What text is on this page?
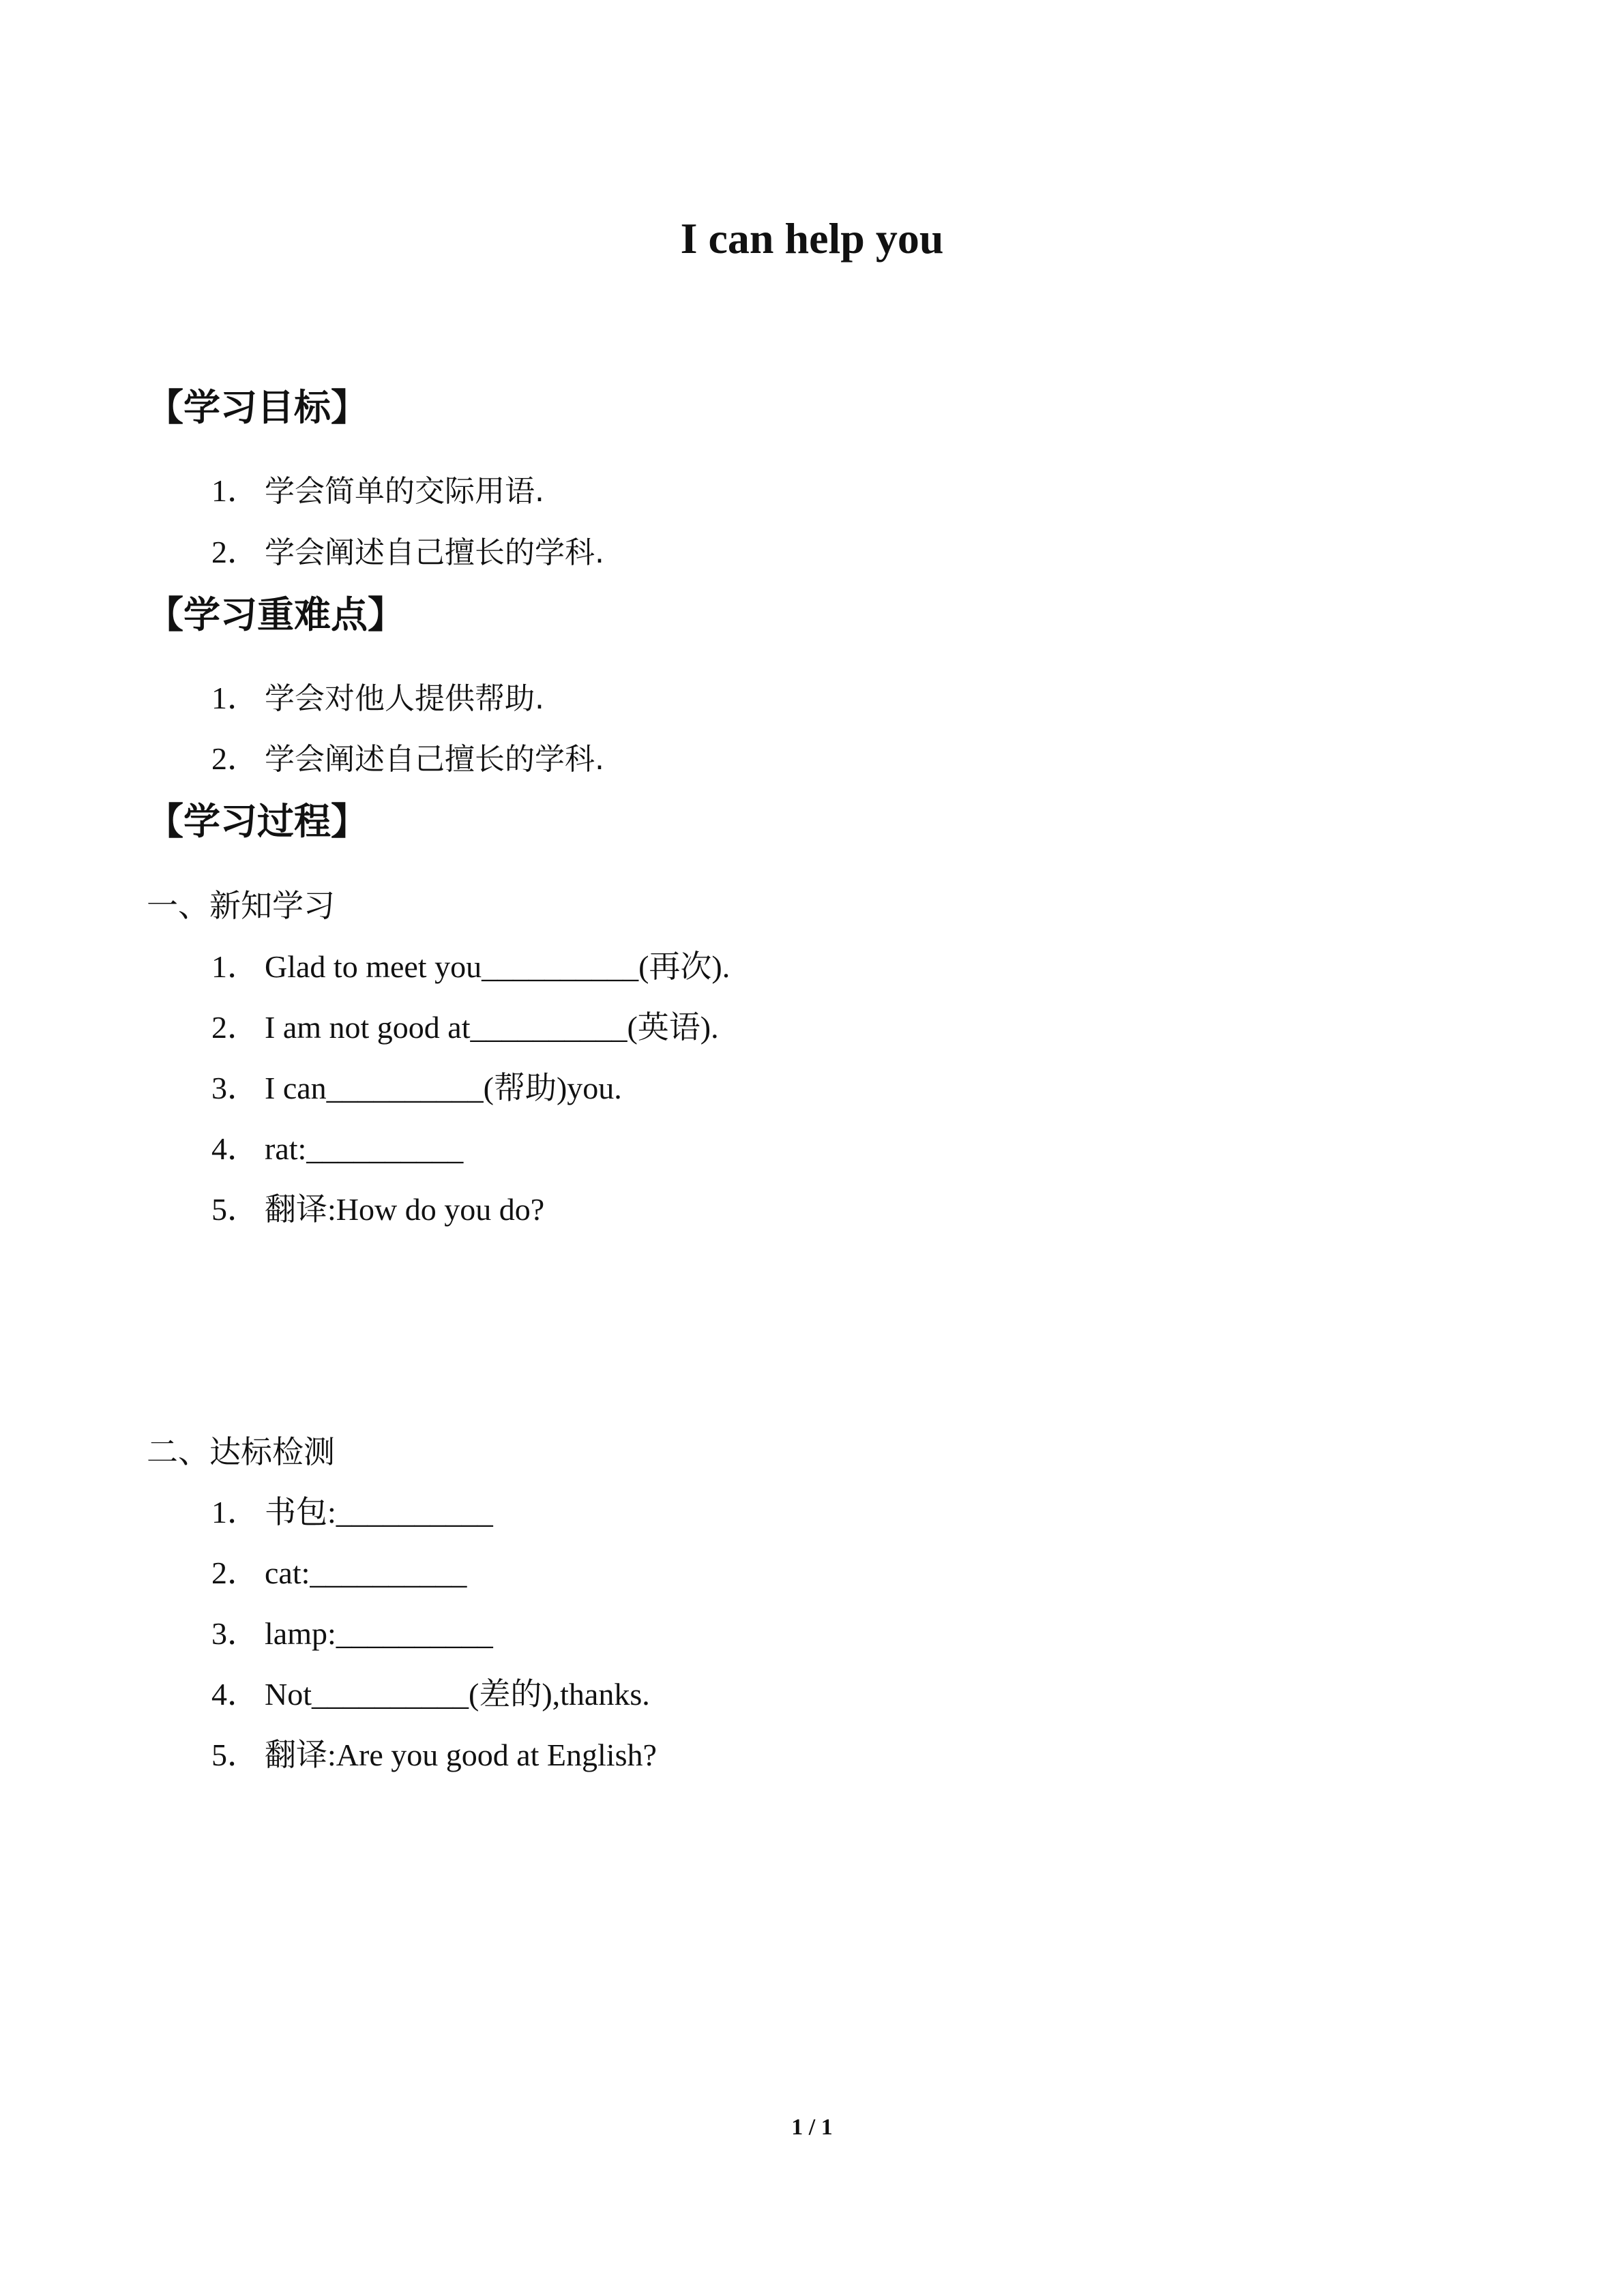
I can help you
【学习目标】
1． 学会简单的交际用语.
2． 学会阐述自己擅长的学科.
【学习重难点】
1． 学会对他人提供帮助.
2． 学会阐述自己擅长的学科.
【学习过程】
一、新知学习
1． Glad to meet you__________(再次).
2． I am not good at__________(英语).
3． I can__________(帮助)you.
4． rat:__________
5． 翻译:How do you do?
二、达标检测
1． 书包:__________
2． cat:__________
3． lamp:__________
4． Not__________(差的),thanks.
5． 翻译:Are you good at English?
1 / 1
